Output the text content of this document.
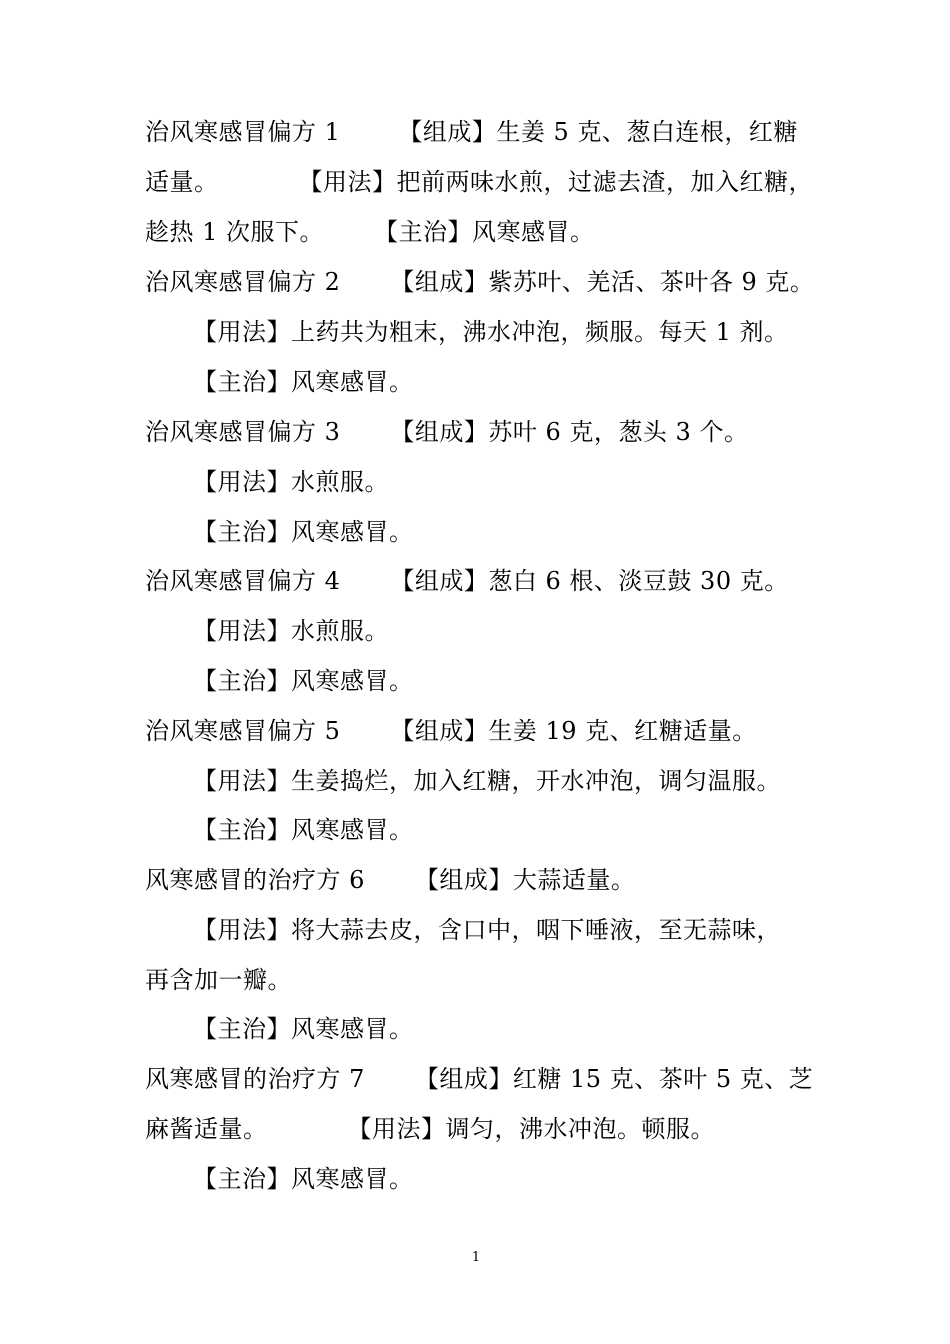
治风寒感冒偏方 1 【组成】生姜 5 克、葱白连根，红糖
适量。	【用法】把前两味水煎，过滤去渣，加入红糖，
趁热 1 次服下。 【主治】风寒感冒。
治风寒感冒偏方 2 【组成】紫苏叶、羌活、茶叶各 9 克。
【用法】上药共为粗末，沸水冲泡，频服。每天 1 剂。
【主治】风寒感冒。
治风寒感冒偏方 3 【组成】苏叶 6 克，葱头 3 个。
【用法】水煎服。
【主治】风寒感冒。
治风寒感冒偏方 4 【组成】葱白 6 根、淡豆鼓 30 克。
【用法】水煎服。
【主治】风寒感冒。
治风寒感冒偏方 5 【组成】生姜 19 克、红糖适量。
【用法】生姜捣烂，加入红糖，开水冲泡，调匀温服。
【主治】风寒感冒。
风寒感冒的治疗方 6 【组成】大蒜适量。
【用法】将大蒜去皮，含口中，咽下唾液，至无蒜味，
再含加一瓣。
【主治】风寒感冒。
风寒感冒的治疗方 7 【组成】红糖 15 克、茶叶 5 克、芝
麻酱适量。	【用法】调匀，沸水冲泡。顿服。
【主治】风寒感冒。
1
